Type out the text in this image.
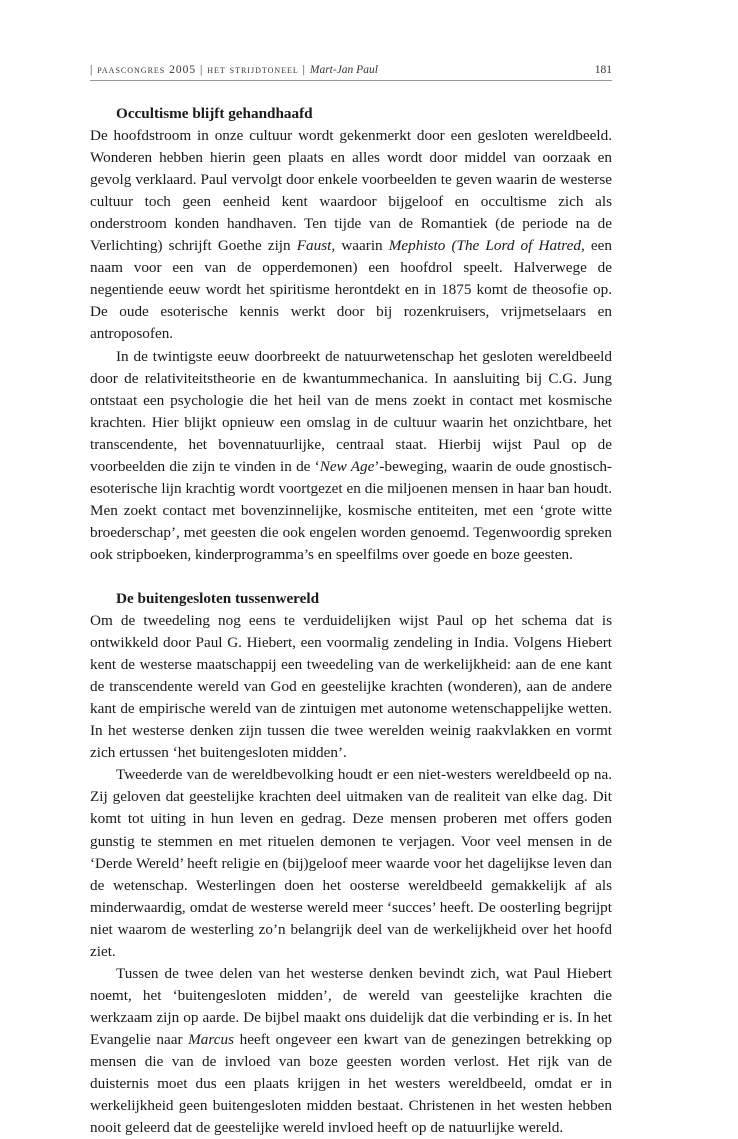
| paascongres 2005 | het strijdtoneel | Mart-Jan Paul	181
Occultisme blijft gehandhaafd

De hoofdstroom in onze cultuur wordt gekenmerkt door een gesloten wereldbeeld. Wonderen hebben hierin geen plaats en alles wordt door middel van oorzaak en gevolg verklaard. Paul vervolgt door enkele voorbeelden te geven waarin de westerse cultuur toch geen eenheid kent waardoor bijgeloof en occultisme zich als onderstroom konden handhaven. Ten tijde van de Romantiek (de periode na de Verlichting) schrijft Goethe zijn Faust, waarin Mephisto (The Lord of Hatred, een naam voor een van de opperdemonen) een hoofdrol speelt. Halverwege de negentiende eeuw wordt het spiritisme herontdekt en in 1875 komt de theosofie op. De oude esoterische kennis werkt door bij rozenkruisers, vrijmetselaars en antroposofen.

In de twintigste eeuw doorbreekt de natuurwetenschap het gesloten wereldbeeld door de relativiteitstheorie en de kwantummechanica. In aansluiting bij C.G. Jung ontstaat een psychologie die het heil van de mens zoekt in contact met kosmische krachten. Hier blijkt opnieuw een omslag in de cultuur waarin het onzichtbare, het transcendente, het bovennatuurlijke, centraal staat. Hierbij wijst Paul op de voorbeelden die zijn te vinden in de ‘New Age’-beweging, waarin de oude gnostisch-esoterische lijn krachtig wordt voortgezet en die miljoenen mensen in haar ban houdt. Men zoekt contact met bovenzinnelijke, kosmische entiteiten, met een ‘grote witte broederschap’, met geesten die ook engelen worden genoemd. Tegenwoordig spreken ook stripboeken, kinderprogramma’s en speelfilms over goede en boze geesten.

De buitengesloten tussenwereld

Om de tweedeling nog eens te verduidelijken wijst Paul op het schema dat is ontwikkeld door Paul G. Hiebert, een voormalig zendeling in India. Volgens Hiebert kent de westerse maatschappij een tweedeling van de werkelijkheid: aan de ene kant de transcendente wereld van God en geestelijke krachten (wonderen), aan de andere kant de empirische wereld van de zintuigen met autonome wetenschappelijke wetten. In het westerse denken zijn tussen die twee werelden weinig raakvlakken en vormt zich ertussen ‘het buitengesloten midden’.

Tweederde van de wereldbevolking houdt er een niet-westers wereldbeeld op na. Zij geloven dat geestelijke krachten deel uitmaken van de realiteit van elke dag. Dit komt tot uiting in hun leven en gedrag. Deze mensen proberen met offers goden gunstig te stemmen en met rituelen demonen te verjagen. Voor veel mensen in de ‘Derde Wereld’ heeft religie en (bij)geloof meer waarde voor het dagelijkse leven dan de wetenschap. Westerlingen doen het oosterse wereldbeeld gemakkelijk af als minderwaardig, omdat de westerse wereld meer ‘succes’ heeft. De oosterling begrijpt niet waarom de westerling zo’n belangrijk deel van de werkelijkheid over het hoofd ziet.

Tussen de twee delen van het westerse denken bevindt zich, wat Paul Hiebert noemt, het ‘buitengesloten midden’, de wereld van geestelijke krachten die werkzaam zijn op aarde. De bijbel maakt ons duidelijk dat die verbinding er is. In het Evangelie naar Marcus heeft ongeveer een kwart van de genezingen betrekking op mensen die van de invloed van boze geesten worden verlost. Het rijk van de duisternis moet dus een plaats krijgen in het westers wereldbeeld, omdat er in werkelijkheid geen buitengesloten midden bestaat. Christenen in het westen hebben nooit geleerd dat de geestelijke wereld invloed heeft op de natuurlijke wereld.
